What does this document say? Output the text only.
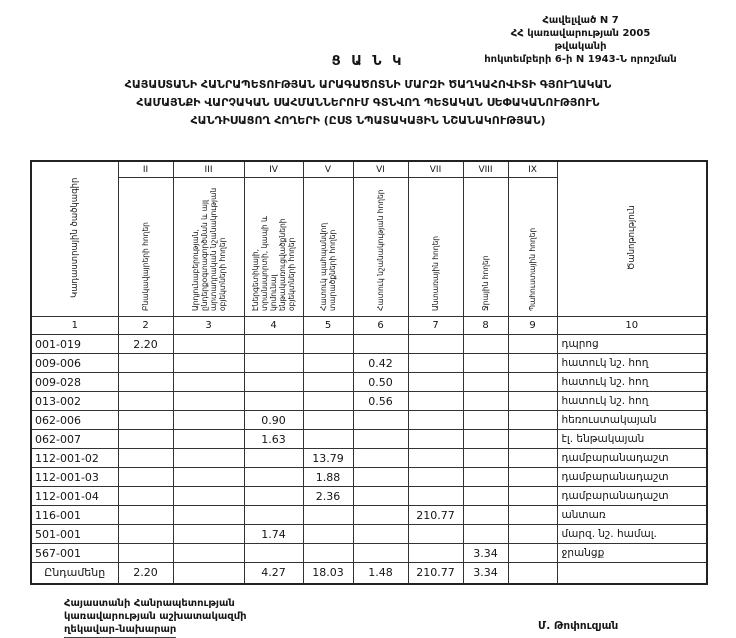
Հավելված N 7
ՀՀ կառավարության 2005 թվականի
հոկտեմբերի 6-ի N 1943-Ն որոշման
Ց Ա Ն Կ
ՀԱՅԱՍՏԱՆԻ ՀԱՆՐԱՊԵՏՈՒԹՅԱՆ ԱՐԱԳԱԾՈՏՆԻ ՄԱՐԶԻ ԾԱՂԿԱՀՈՎԻՏԻ ԳՅՈՒՂԱԿԱՆ
ՀԱՄԱՅՆՔԻ ՎԱՐՉԱԿԱՆ ՍԱՀՄԱՆՆԵՐՈՒՄ ԳՏՆՎՈՂ ՊԵՏԱԿԱՆ ՍԵՓԱԿԱՆՈՒԹՅՈՒՆ
ՀԱՆԴԻՍԱՑՈՂ ՀՈՂԵՐԻ (ԸՍՏ ՆՊԱՏԱԿԱՅԻՆ ՆՇԱՆԱԿՈՒԹՅԱՆ)
Կադաստրային ծածկագիր	II	III	IV	V	VI	VII	VIII	IX	Ծանոթություն
	Բնակավայրերի հողեր	Արդյունաբերության, ընդերքօգտագործման և այլ արտադրական նշանակության օբյեկտների հողեր	Էներգետիկայի, տրանսպորտի, կապի և կոմունալ ենթակառուցվածքների օբյեկտների հողեր	Հատուկ պահպանվող տարածքների հողեր	Հատուկ նշանակության հողեր	Անտառային հողեր	Ջրային հողեր	Պահուստային հողեր	
1	2	3	4	5	6	7	8	9	10
001-019	2.20								դպրոց
009-006					0.42				հատուկ նշ. հող
009-028					0.50				հատուկ նշ. հող
013-002					0.56				հատուկ նշ. հող
062-006			0.90						հեռուստակայան
062-007			1.63						էլ. ենթակայան
112-001-02				13.79					դամբարանադաշտ
112-001-03				1.88					դամբարանադաշտ
112-001-04				2.36					դամբարանադաշտ
116-001						210.77			անտառ
501-001			1.74						մարզ. նշ. համալ.
567-001							3.34		ջրանցք
Ընդամենը	2.20		4.27	18.03	1.48	210.77	3.34		
Հայաստանի Հանրապետության
կառավարության աշխատակազմի
ղեկավար-նախարար	Մ. Թոփուզյան
